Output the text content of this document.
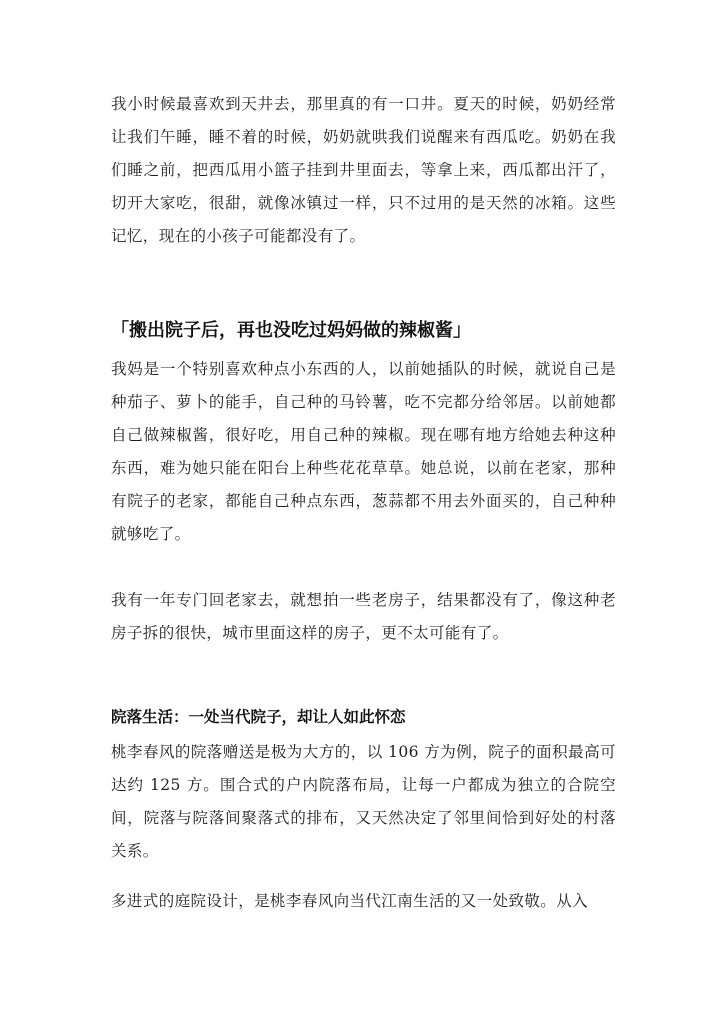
我小时候最喜欢到天井去，那里真的有一口井。夏天的时候，奶奶经常让我们午睡，睡不着的时候，奶奶就哄我们说醒来有西瓜吃。奶奶在我们睡之前，把西瓜用小篮子挂到井里面去，等拿上来，西瓜都出汗了，切开大家吃，很甜，就像冰镇过一样，只不过用的是天然的冰箱。这些记忆，现在的小孩子可能都没有了。

「搬出院子后，再也没吃过妈妈做的辣椒酱」

我妈是一个特别喜欢种点小东西的人，以前她插队的时候，就说自己是种茄子、萝卜的能手，自己种的马铃薯，吃不完都分给邻居。以前她都自己做辣椒酱，很好吃，用自己种的辣椒。现在哪有地方给她去种这种东西，难为她只能在阳台上种些花花草草。她总说，以前在老家，那种有院子的老家，都能自己种点东西，葱蒜都不用去外面买的，自己种种就够吃了。

我有一年专门回老家去，就想拍一些老房子，结果都没有了，像这种老房子拆的很快，城市里面这样的房子，更不太可能有了。

院落生活：一处当代院子，却让人如此怀恋

桃李春风的院落赠送是极为大方的，以 106 方为例，院子的面积最高可达约 125 方。围合式的户内院落布局，让每一户都成为独立的合院空间，院落与院落间聚落式的排布，又天然决定了邻里间恰到好处的村落关系。

多进式的庭院设计，是桃李春风向当代江南生活的又一处致敬。从入
